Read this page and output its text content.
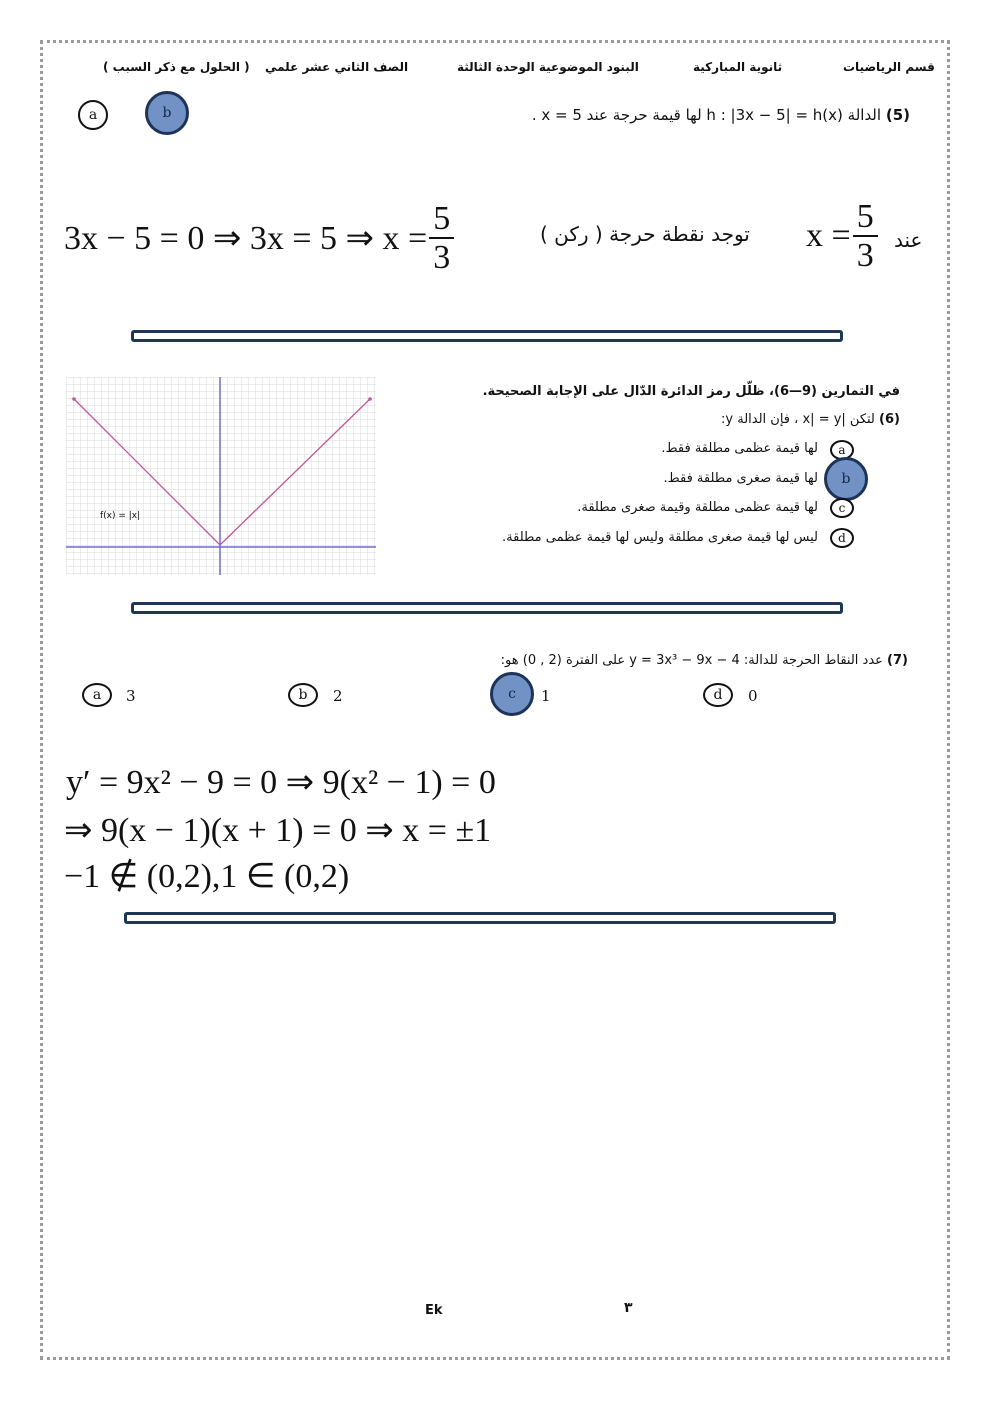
قسم الرياضيات
ثانوية المباركية
البنود الموضوعية الوحدة الثالثة
الصف الثاني عشر علمي
( الحلول مع ذكر السبب )
a	b	(5) الدالة h : |3x − 5| = h(x) لها قيمة حرجة عند x = 5 .
3x − 5 = 0 ⇒ 3x = 5 ⇒ $x = \frac{5}{3}$	توجد نقطة حرجة ( ركن ) $x = \frac{5}{3}$ عند
f(x) = |x|
في التمارين (9—6)، ظلّل رمز الدائرة الدّال على الإجابة الصحيحة.
(6) لتكن |x| = y ، فإن الدالة y:
a
لها قيمة عظمى مطلقة فقط.
b
لها قيمة صغرى مطلقة فقط.
c
لها قيمة عظمى مطلقة وقيمة صغرى مطلقة.
d
ليس لها قيمة صغرى مطلقة وليس لها قيمة عظمى مطلقة.
(7) عدد النقاط الحرجة للدالة: y = 3x³ − 9x − 4 على الفترة (2 , 0) هو:
a	3	b	2	c	1	d	0
y′ = 9x² − 9 = 0 ⇒ 9(x² − 1) = 0
⇒ 9(x − 1)(x + 1) = 0 ⇒ x = ±1
−1 ∉ (0,2),1 ∈ (0,2)
Ek	٣
